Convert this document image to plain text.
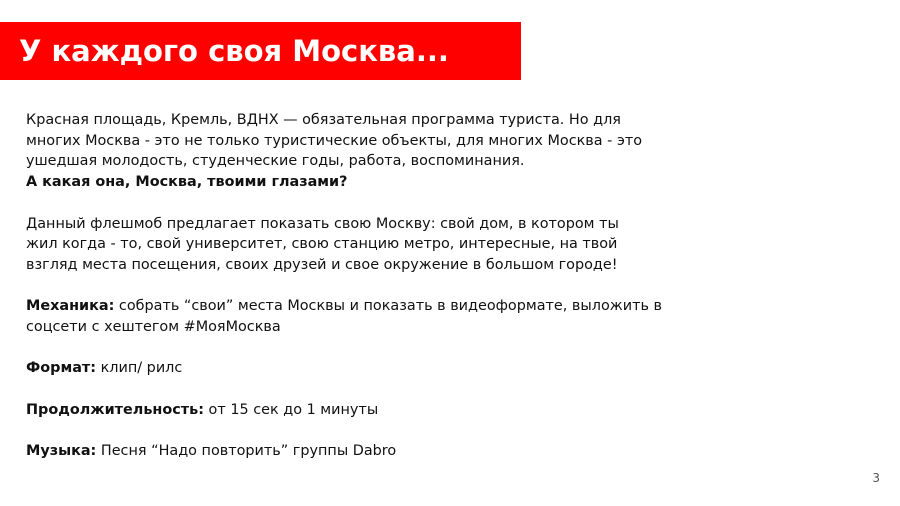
У каждого своя Москва...
Красная площадь, Кремль, ВДНХ — обязательная программа туриста. Но для
многих Москва - это не только туристические объекты, для многих Москва - это
ушедшая молодость, студенческие годы, работа, воспоминания.
А какая она, Москва, твоими глазами?
Данный флешмоб предлагает показать свою Москву: свой дом, в котором ты
жил когда - то, свой университет, свою станцию метро, интересные, на твой
взгляд места посещения, своих друзей и свое окружение в большом городе!
Механика: собрать “свои” места Москвы и показать в видеоформате, выложить в
соцсети с хештегом #МояМосква
Формат: клип/ рилс
Продолжительность: от 15 сек до 1 минуты
Музыка: Песня “Надо повторить” группы Dabro
3
